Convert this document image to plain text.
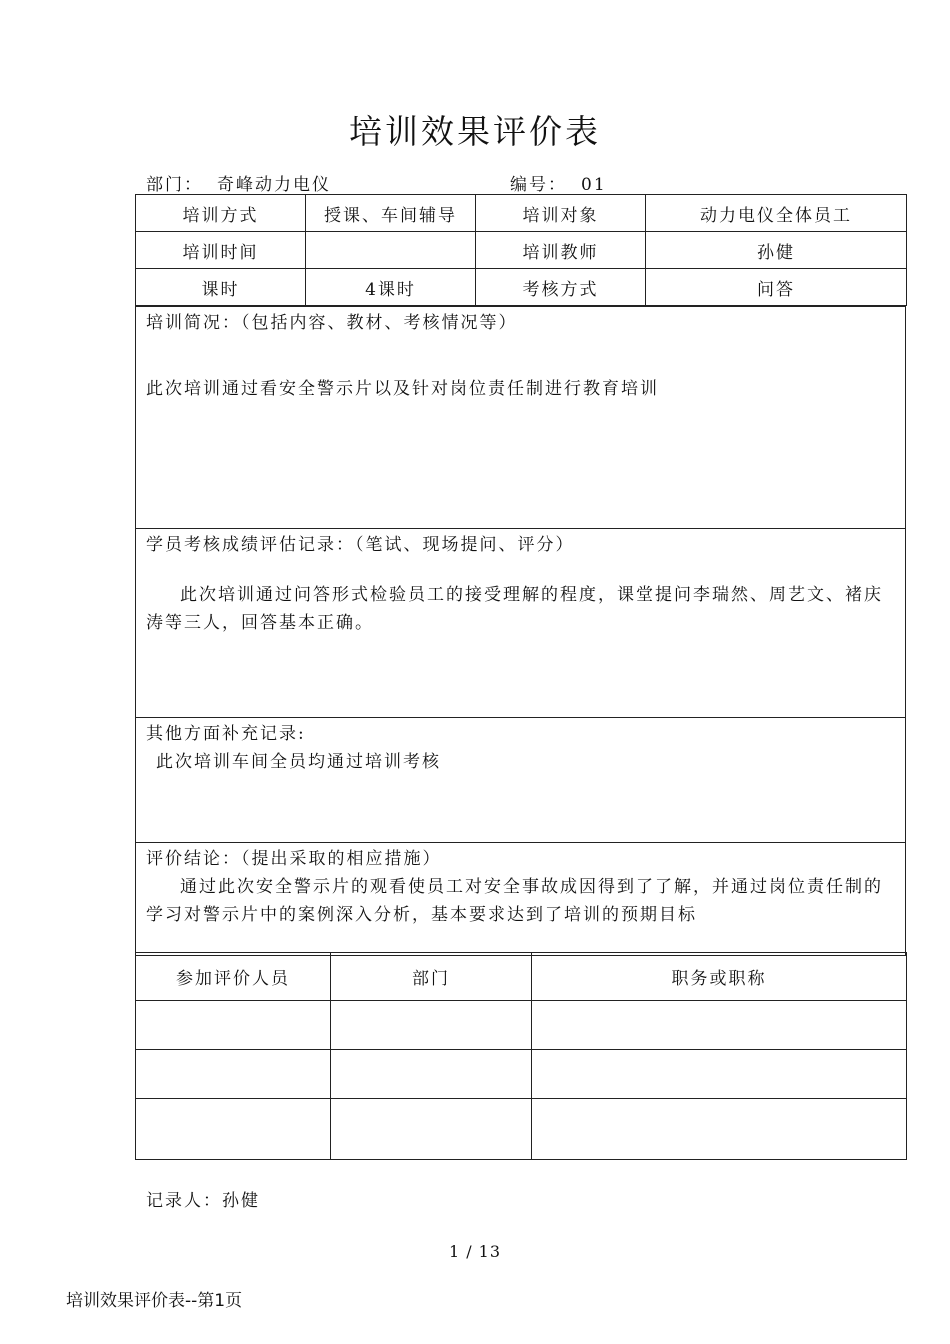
培训效果评价表
部门： 奇峰动力电仪	编号： 01
培训方式	授课、车间辅导	培训对象	动力电仪全体员工
培训时间		培训教师	孙健
课时	4课时	考核方式	问答
培训简况：（包括内容、教材、考核情况等）
此次培训通过看安全警示片以及针对岗位责任制进行教育培训

学员考核成绩评估记录：（笔试、现场提问、评分）
此次培训通过问答形式检验员工的接受理解的程度，课堂提问李瑞然、周艺文、褚庆涛等三人，回答基本正确。

其他方面补充记录:
此次培训车间全员均通过培训考核

评价结论：（提出采取的相应措施）
通过此次安全警示片的观看使员工对安全事故成因得到了了解，并通过岗位责任制的学习对警示片中的案例深入分析，基本要求达到了培训的预期目标
参加评价人员	部门	职务或职称

记录人：孙健
1 / 13
培训效果评价表--第1页
